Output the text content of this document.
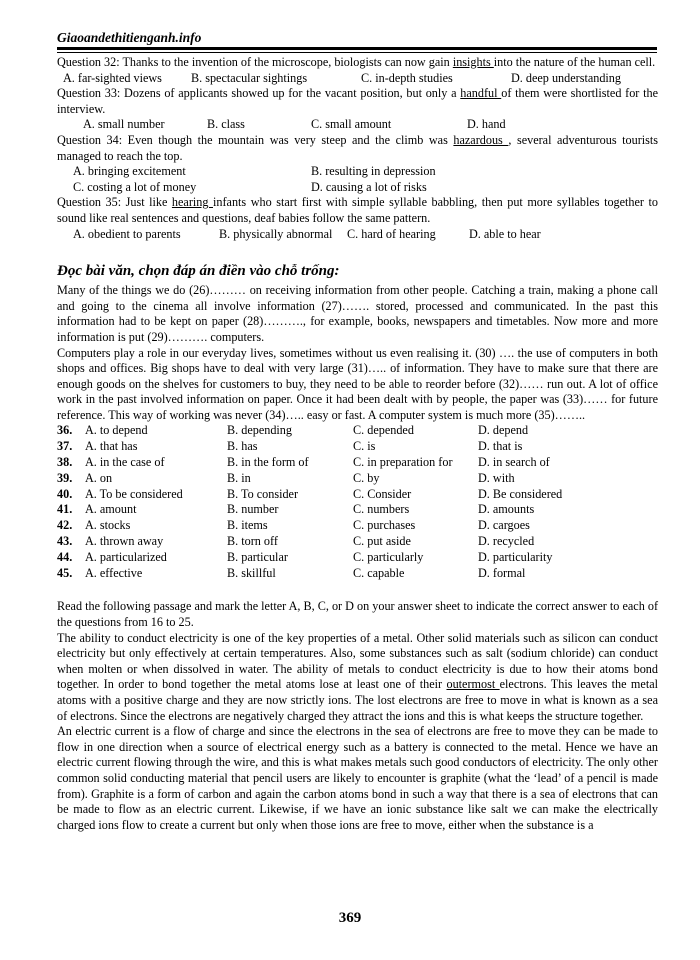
Giaoandethitienganh.info

Question 32: Thanks to the invention of the microscope, biologists can now gain insights into the nature of the human cell.

A. far-sighted views	B. spectacular sightings	C. in-depth studies	D. deep understanding

Question 33: Dozens of applicants showed up for the vacant position, but only a handful of them were shortlisted for the interview.

A. small number	B. class	C. small amount	D. hand

Question 34: Even though the mountain was very steep and the climb was hazardous , several adventurous tourists managed to reach the top.

A. bringing excitement	B. resulting in depression
C. costing a lot of money	D. causing a lot of risks

Question 35: Just like hearing infants who start first with simple syllable babbling, then put more syllables together to sound like real sentences and questions, deaf babies follow the same pattern.

A. obedient to parents	B. physically abnormal	C. hard of hearing	D. able to hear
Đọc bài văn, chọn đáp án điền vào chỗ trống:

Many of the things we do (26)……… on receiving information from other people. Catching a train, making a phone call and going to the cinema all involve information (27)……. stored, processed and communicated. In the past this information had to be kept on paper (28)………., for example, books, newspapers and timetables. Now more and more information is put (29)………. computers.

Computers play a role in our everyday lives, sometimes without us even realising it. (30) …. the use of computers in both shops and offices. Big shops have to deal with very large (31)….. of information. They have to make sure that there are enough goods on the shelves for customers to buy, they need to be able to reorder before (32)…… run out. A lot of office work in the past involved information on paper. Once it had been dealt with by people, the paper was (33)…… for future reference. This way of working was never (34)….. easy or fast. A computer system is much more (35)……..

36.	A. to depend	B. depending	C. depended	D. depend
37.	A. that has	B. has	C. is	D. that is
38.	A. in the case of	B. in the form of	C. in preparation for	D. in search of
39.	A. on	B. in	C. by	D. with
40.	A. To be considered	B. To consider	C. Consider	D. Be considered
41.	A. amount	B. number	C. numbers	D. amounts
42.	A. stocks	B. items	C. purchases	D. cargoes
43.	A. thrown away	B. torn off	C. put aside	D. recycled
44.	A. particularized	B. particular	C. particularly	D. particularity
45.	A. effective	B. skillful	C. capable	D. formal

Read the following passage and mark the letter A, B, C, or D on your answer sheet to indicate the correct answer to each of the questions from 16 to 25.

The ability to conduct electricity is one of the key properties of a metal. Other solid materials such as silicon can conduct electricity but only effectively at certain temperatures. Also, some substances such as salt (sodium chloride) can conduct when molten or when dissolved in water. The ability of metals to conduct electricity is due to how their atoms bond together. In order to bond together the metal atoms lose at least one of their outermost electrons. This leaves the metal atoms with a positive charge and they are now strictly ions. The lost electrons are free to move in what is known as a sea of electrons. Since the electrons are negatively charged they attract the ions and this is what keeps the structure together.

An electric current is a flow of charge and since the electrons in the sea of electrons are free to move they can be made to flow in one direction when a source of electrical energy such as a battery is connected to the metal. Hence we have an electric current flowing through the wire, and this is what makes metals such good conductors of electricity. The only other common solid conducting material that pencil users are likely to encounter is graphite (what the ‘lead’ of a pencil is made from). Graphite is a form of carbon and again the carbon atoms bond in such a way that there is a sea of electrons that can be made to flow as an electric current. Likewise, if we have an ionic substance like salt we can make the electrically charged ions flow to create a current but only when those ions are free to move, either when the substance is a

369
